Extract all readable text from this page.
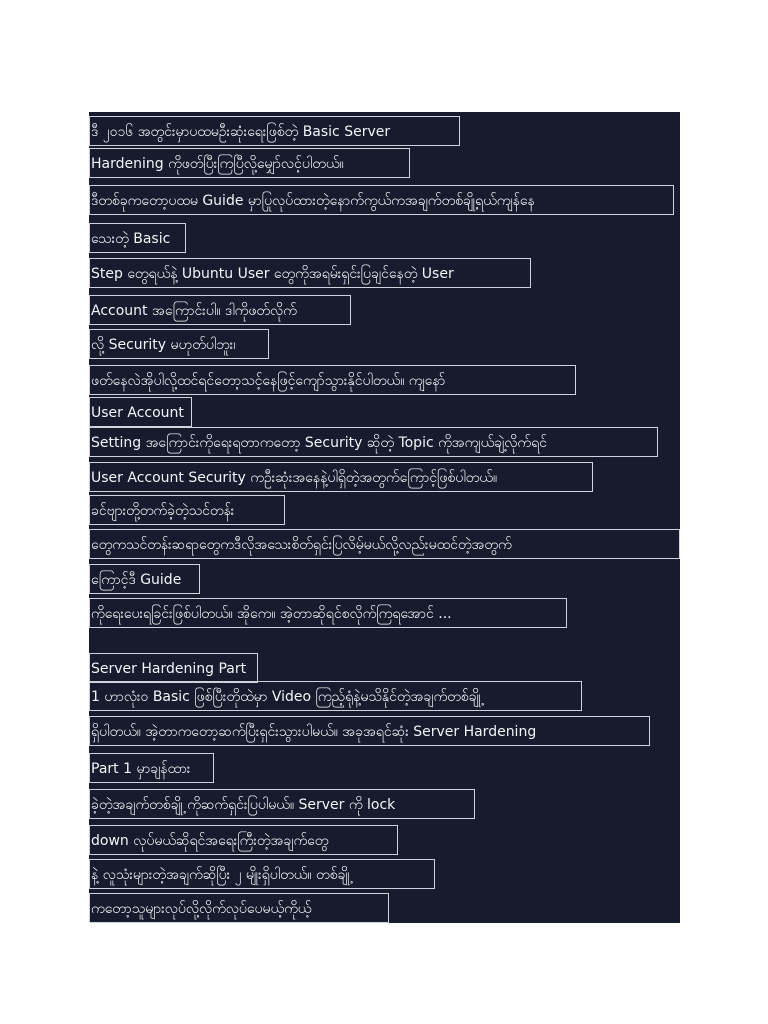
ဒီ ၂၀၁၆ အတွင်းမှာပထမဦးဆုံးရေးဖြစ်တဲ့ Basic Server
Hardening ကိုဖတ်ပြီးကြပြီလို့မျှော်လင့်ပါတယ်။
ဒီတစ်ခုကတော့ပထမ Guide မှာပြုလုပ်ထားတဲ့နောက်ကွယ်ကအချက်တစ်ချို့ရယ်ကျန်နေ
သေးတဲ့ Basic
Step တွေရယ်နဲ့ Ubuntu User တွေကိုအရမ်းရှင်းပြချင်နေတဲ့ User
Account အကြောင်းပါ။ ဒါကိုဖတ်လိုက်
လို့ Security မဟုတ်ပါဘူး၊
ဖတ်နေလဲအိုပါလို့ထင်ရင်တော့သင့်နေဖြင့်ကျော်သွားနိုင်ပါတယ်။ ကျနော်
User Account
Setting အကြောင်းကိုရေးရတာကတော့ Security ဆိုတဲ့ Topic ကိုအကျယ်ချဲ့လိုက်ရင်
User Account Security ကဦးဆုံးအနေနဲ့ပါရှိတဲ့အတွက်ကြောင့်ဖြစ်ပါတယ်။
ခင်ဗျားတို့တက်ခဲ့တဲ့သင်တန်း
တွေကသင်တန်းဆရာတွေကဒီလိုအသေးစိတ်ရှင်းပြလိမ့်မယ်လို့လည်းမထင်တဲ့အတွက်
ကြောင့်ဒီ Guide
ကိုရေးပေးရခြင်းဖြစ်ပါတယ်။ အိုကေ။ အဲ့တာဆိုရင်စလိုက်ကြရအောင် ...
Server Hardening Part
1 ဟာလုံး၀ Basic ဖြစ်ပြီးတိုထဲမှာ Video ကြည့်ရုံနဲ့မသိနိုင်တဲ့အချက်တစ်ချို့
ရှိပါတယ်။ အဲ့တာကတော့ဆက်ပြီးရှင်းသွားပါမယ်။ အခုအရင်ဆုံး Server Hardening
Part 1 မှာချန်ထား
ခဲ့တဲ့အချက်တစ်ချို့ ကိုဆက်ရှင်းပြပါမယ်။ Server ကို lock
down လုပ်မယ်ဆိုရင်အရေးကြီးတဲ့အချက်တွေ
နဲ့ လူသုံးများတဲ့အချက်ဆိုပြီး ၂ မျိုးရှိပါတယ်။ တစ်ချို့
ကတော့သူများလုပ်လို့လိုက်လုပ်ပေမယ့်ကိုယ့်
